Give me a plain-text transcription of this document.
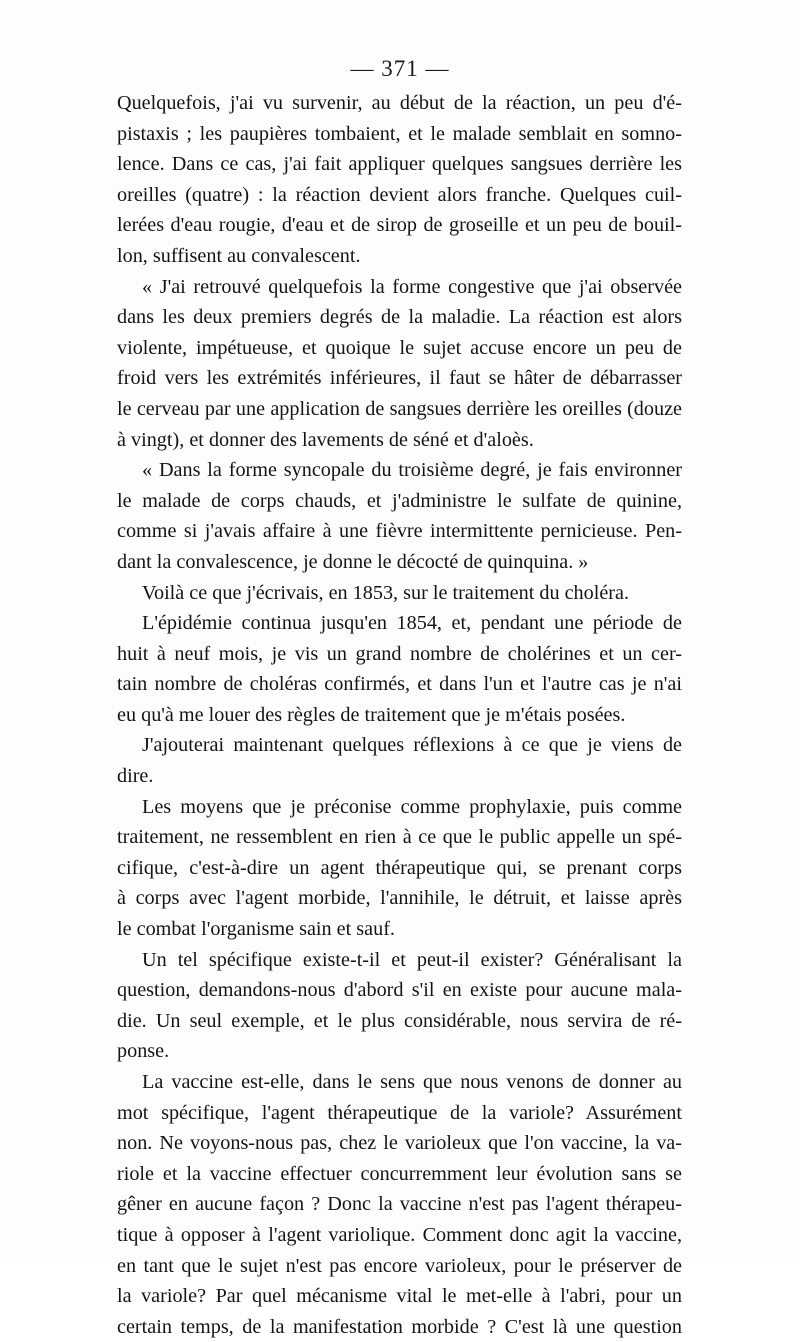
— 371 —
Quelquefois, j'ai vu survenir, au début de la réaction, un peu d'é-
pistaxis ; les paupières tombaient, et le malade semblait en somno-
lence. Dans ce cas, j'ai fait appliquer quelques sangsues derrière les
oreilles (quatre) : la réaction devient alors franche. Quelques cuil-
lerées d'eau rougie, d'eau et de sirop de groseille et un peu de bouil-
lon, suffisent au convalescent.
« J'ai retrouvé quelquefois la forme congestive que j'ai observée
dans les deux premiers degrés de la maladie. La réaction est alors
violente, impétueuse, et quoique le sujet accuse encore un peu de
froid vers les extrémités inférieures, il faut se hâter de débarrasser
le cerveau par une application de sangsues derrière les oreilles (douze
à vingt), et donner des lavements de séné et d'aloès.
« Dans la forme syncopale du troisième degré, je fais environner
le malade de corps chauds, et j'administre le sulfate de quinine,
comme si j'avais affaire à une fièvre intermittente pernicieuse. Pen-
dant la convalescence, je donne le décocté de quinquina. »
Voilà ce que j'écrivais, en 1853, sur le traitement du choléra.
L'épidémie continua jusqu'en 1854, et, pendant une période de
huit à neuf mois, je vis un grand nombre de cholérines et un cer-
tain nombre de choléras confirmés, et dans l'un et l'autre cas je n'ai
eu qu'à me louer des règles de traitement que je m'étais posées.
J'ajouterai maintenant quelques réflexions à ce que je viens de
dire.
Les moyens que je préconise comme prophylaxie, puis comme
traitement, ne ressemblent en rien à ce que le public appelle un spé-
cifique, c'est-à-dire un agent thérapeutique qui, se prenant corps
à corps avec l'agent morbide, l'annihile, le détruit, et laisse après
le combat l'organisme sain et sauf.
Un tel spécifique existe-t-il et peut-il exister? Généralisant la
question, demandons-nous d'abord s'il en existe pour aucune mala-
die. Un seul exemple, et le plus considérable, nous servira de ré-
ponse.
La vaccine est-elle, dans le sens que nous venons de donner au
mot spécifique, l'agent thérapeutique de la variole? Assurément
non. Ne voyons-nous pas, chez le varioleux que l'on vaccine, la va-
riole et la vaccine effectuer concurremment leur évolution sans se
gêner en aucune façon ? Donc la vaccine n'est pas l'agent thérapeu-
tique à opposer à l'agent variolique. Comment donc agit la vaccine,
en tant que le sujet n'est pas encore varioleux, pour le préserver de
la variole? Par quel mécanisme vital le met-elle à l'abri, pour un
certain temps, de la manifestation morbide ? C'est là une question
